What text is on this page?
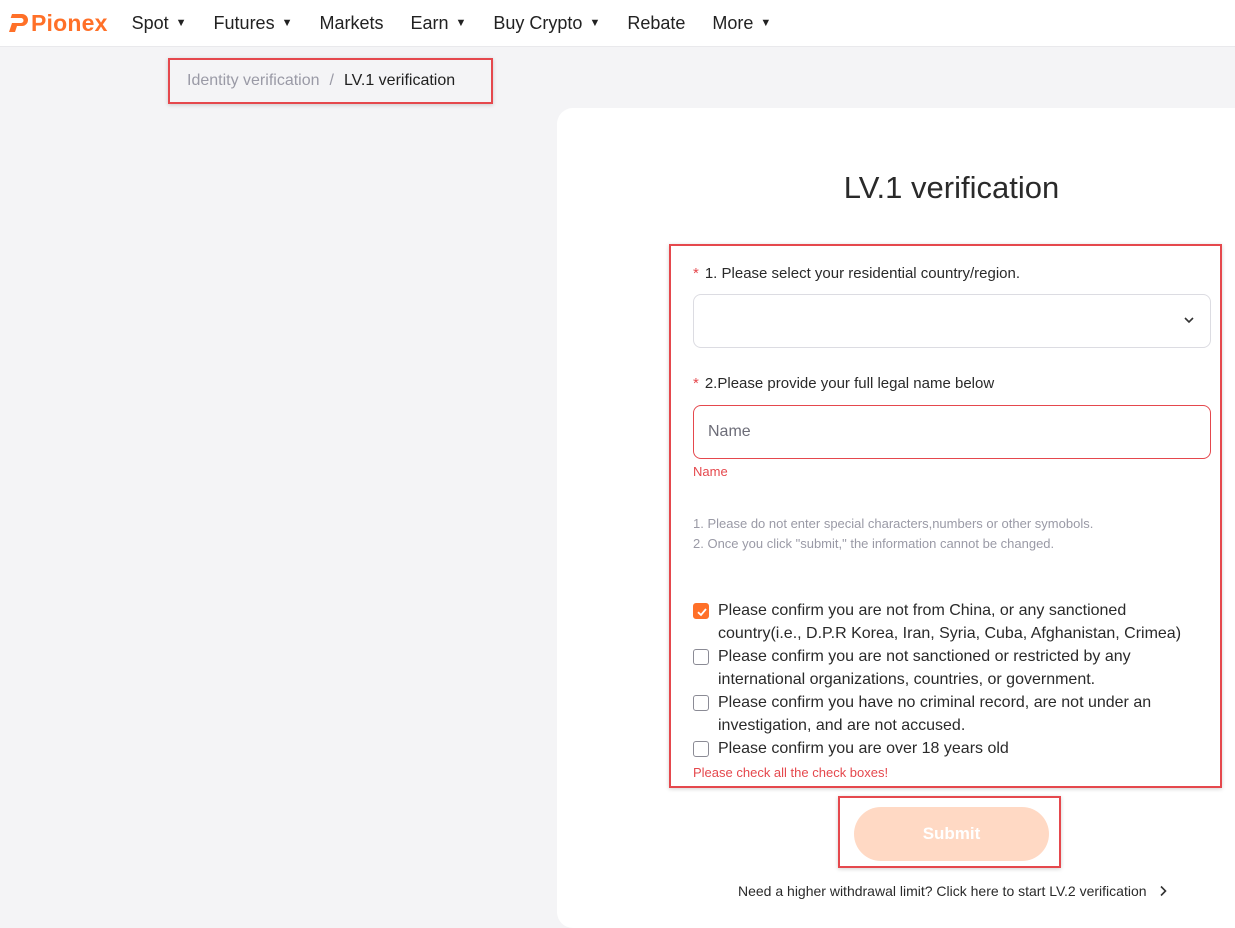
Pionex Spot ▼ Futures ▼ Markets Earn ▼ Buy Crypto ▼ Rebate More ▼
Identity verification / LV.1 verification
LV.1 verification
* 1. Please select your residential country/region.
* 2.Please provide your full legal name below
Name
Name
1. Please do not enter special characters,numbers or other symobols.
2. Once you click "submit," the information cannot be changed.
Please confirm you are not from China, or any sanctioned country(i.e., D.P.R Korea, Iran, Syria, Cuba, Afghanistan, Crimea)
Please confirm you are not sanctioned or restricted by any international organizations, countries, or government.
Please confirm you have no criminal record, are not under an investigation, and are not accused.
Please confirm you are over 18 years old
Please check all the check boxes!
Submit
Need a higher withdrawal limit? Click here to start LV.2 verification
